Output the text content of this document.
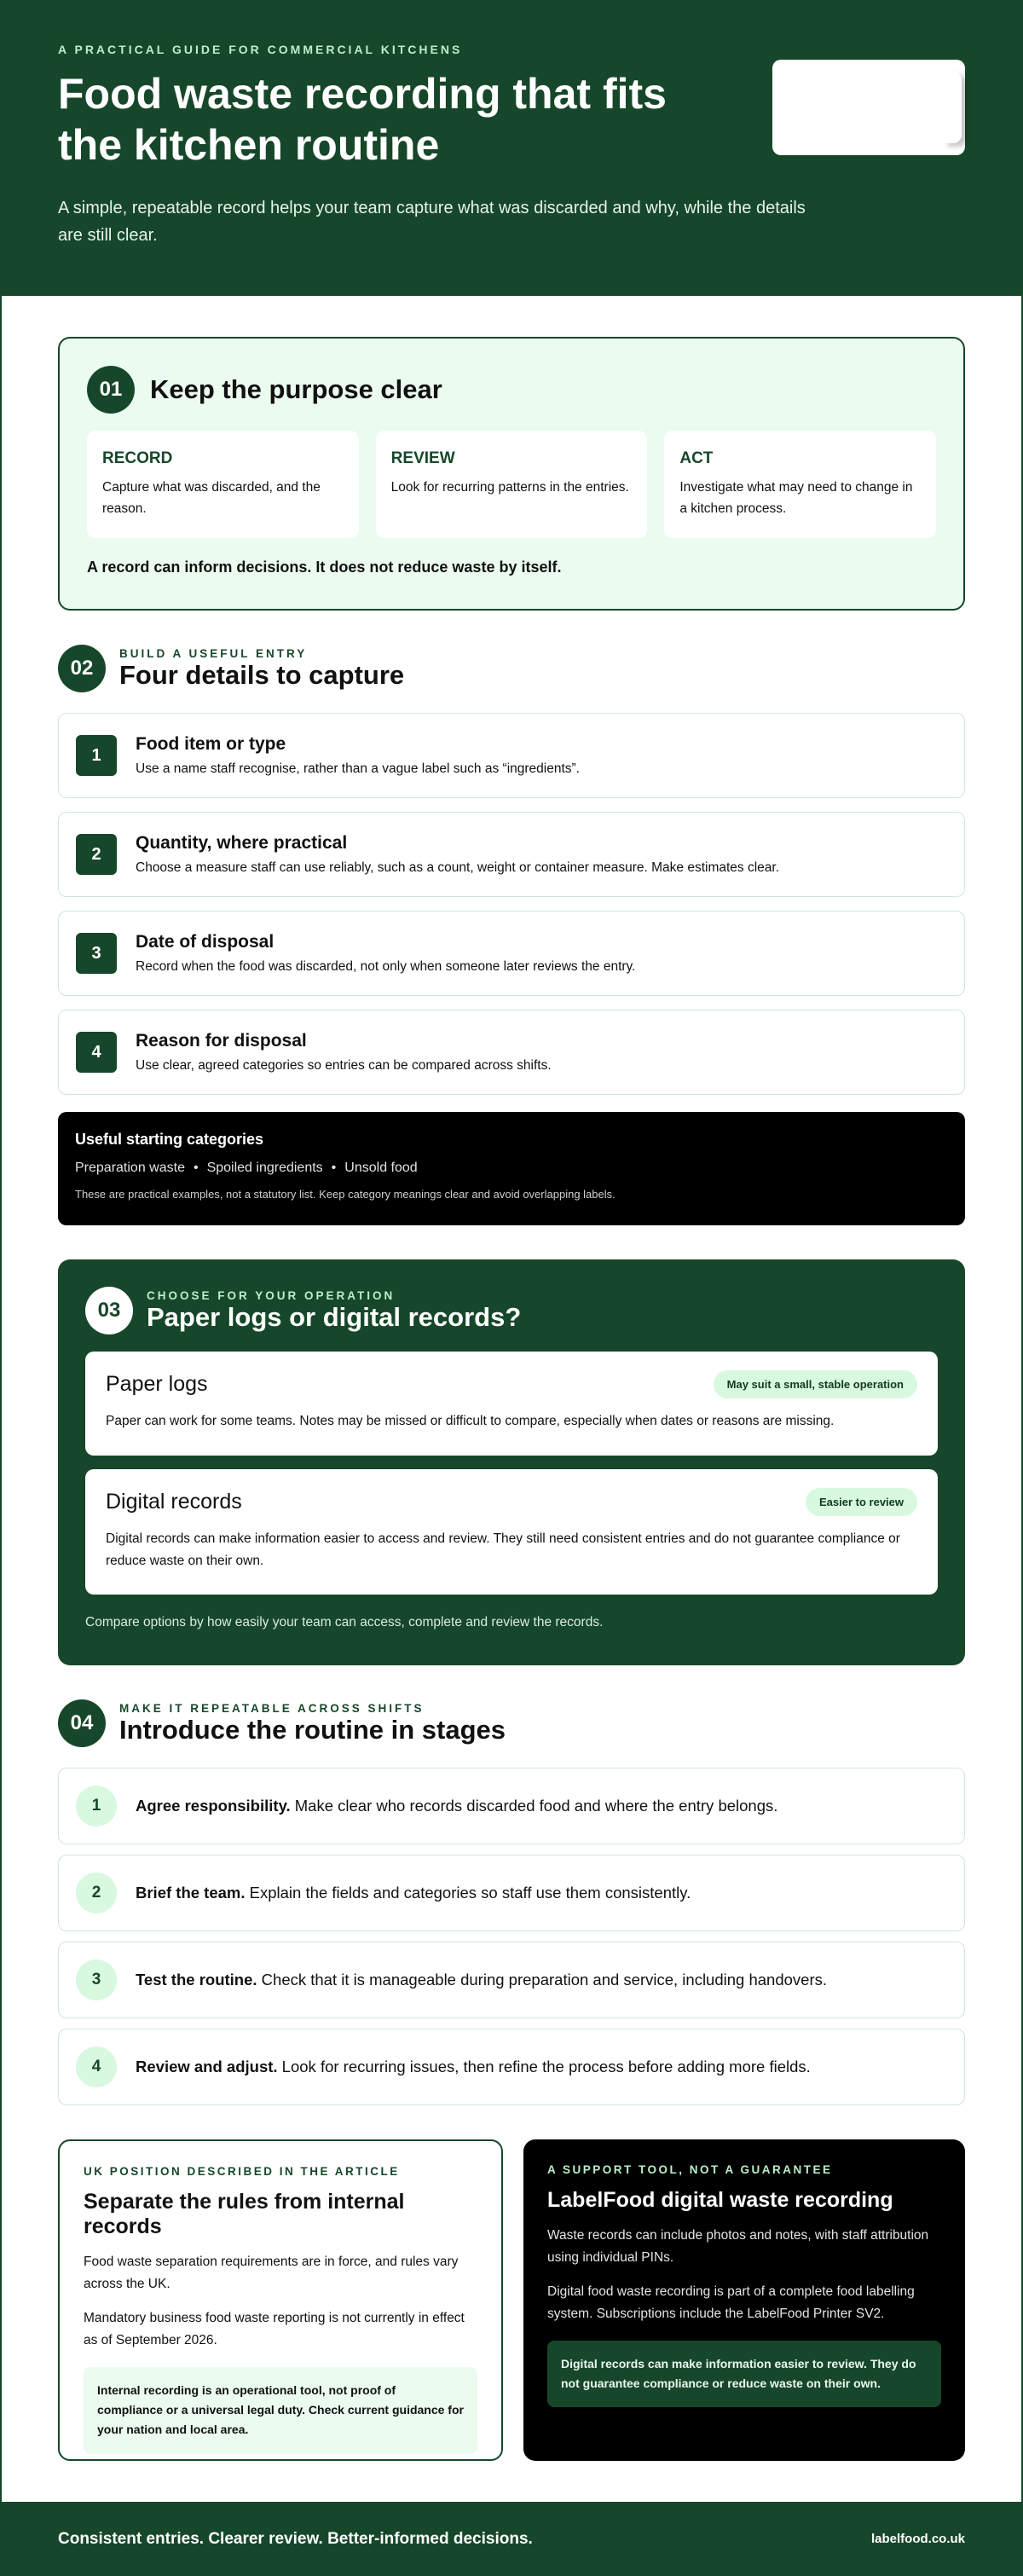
A PRACTICAL GUIDE FOR COMMERCIAL KITCHENS
Food waste recording that fits the kitchen routine

A simple, repeatable record helps your team capture what was discarded and why, while the details are still clear.

01	Keep the purpose clear
RECORD

Capture what was discarded, and the reason.

REVIEW

Look for recurring patterns in the entries.

ACT

Investigate what may need to change in a kitchen process.

A record can inform decisions. It does not reduce waste by itself.

02
BUILD A USEFUL ENTRY
Four details to capture
1
Food item or type

Use a name staff recognise, rather than a vague label such as “ingredients”.

2
Quantity, where practical

Choose a measure staff can use reliably, such as a count, weight or container measure. Make estimates clear.

3
Date of disposal

Record when the food was discarded, not only when someone later reviews the entry.

4
Reason for disposal

Use clear, agreed categories so entries can be compared across shifts.

Useful starting categories
Preparation waste • Spoiled ingredients • Unsold food

These are practical examples, not a statutory list. Keep category meanings clear and avoid overlapping labels.

03
CHOOSE FOR YOUR OPERATION
Paper logs or digital records?
Paper logs	May suit a small, stable operation

Paper can work for some teams. Notes may be missed or difficult to compare, especially when dates or reasons are missing.

Digital records	Easier to review

Digital records can make information easier to access and review. They still need consistent entries and do not guarantee compliance or reduce waste on their own.

Compare options by how easily your team can access, complete and review the records.

04
MAKE IT REPEATABLE ACROSS SHIFTS
Introduce the routine in stages
1	Agree responsibility. Make clear who records discarded food and where the entry belongs.

2	Brief the team. Explain the fields and categories so staff use them consistently.

3	Test the routine. Check that it is manageable during preparation and service, including handovers.

4	Review and adjust. Look for recurring issues, then refine the process before adding more fields.

UK POSITION DESCRIBED IN THE ARTICLE
Separate the rules from internal records

Food waste separation requirements are in force, and rules vary across the UK.

Mandatory business food waste reporting is not currently in effect as of September 2026.

Internal recording is an operational tool, not proof of compliance or a universal legal duty. Check current guidance for your nation and local area.
A SUPPORT TOOL, NOT A GUARANTEE
LabelFood digital waste recording

Waste records can include photos and notes, with staff attribution using individual PINs.

Digital food waste recording is part of a complete food labelling system. Subscriptions include the LabelFood Printer SV2.

Digital records can make information easier to review. They do not guarantee compliance or reduce waste on their own.
Consistent entries. Clearer review. Better-informed decisions.	labelfood.co.uk
